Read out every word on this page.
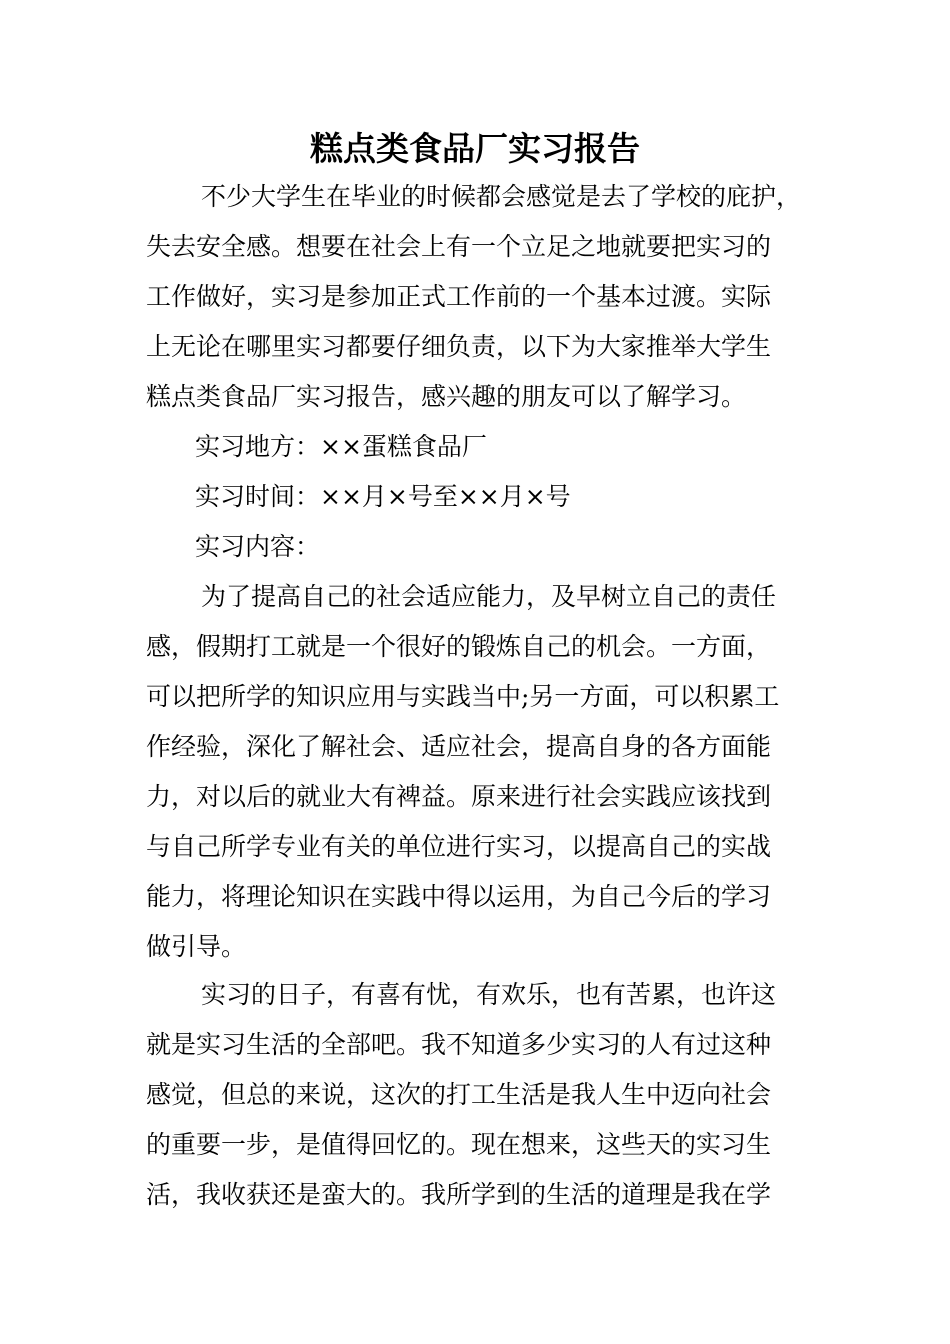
糕点类食品厂实习报告
不少大学生在毕业的时候都会感觉是去了学校的庇护，
失去安全感。想要在社会上有一个立足之地就要把实习的
工作做好，实习是参加正式工作前的一个基本过渡。实际
上无论在哪里实习都要仔细负责，以下为大家推举大学生
糕点类食品厂实习报告，感兴趣的朋友可以了解学习。
实习地方：××蛋糕食品厂
实习时间：××月×号至××月×号
实习内容：
为了提高自己的社会适应能力，及早树立自己的责任
感，假期打工就是一个很好的锻炼自己的机会。一方面，
可以把所学的知识应用与实践当中;另一方面，可以积累工
作经验，深化了解社会、适应社会，提高自身的各方面能
力，对以后的就业大有裨益。原来进行社会实践应该找到
与自己所学专业有关的单位进行实习，以提高自己的实战
能力，将理论知识在实践中得以运用，为自己今后的学习
做引导。
实习的日子，有喜有忧，有欢乐，也有苦累，也许这
就是实习生活的全部吧。我不知道多少实习的人有过这种
感觉，但总的来说，这次的打工生活是我人生中迈向社会
的重要一步，是值得回忆的。现在想来，这些天的实习生
活，我收获还是蛮大的。我所学到的生活的道理是我在学
